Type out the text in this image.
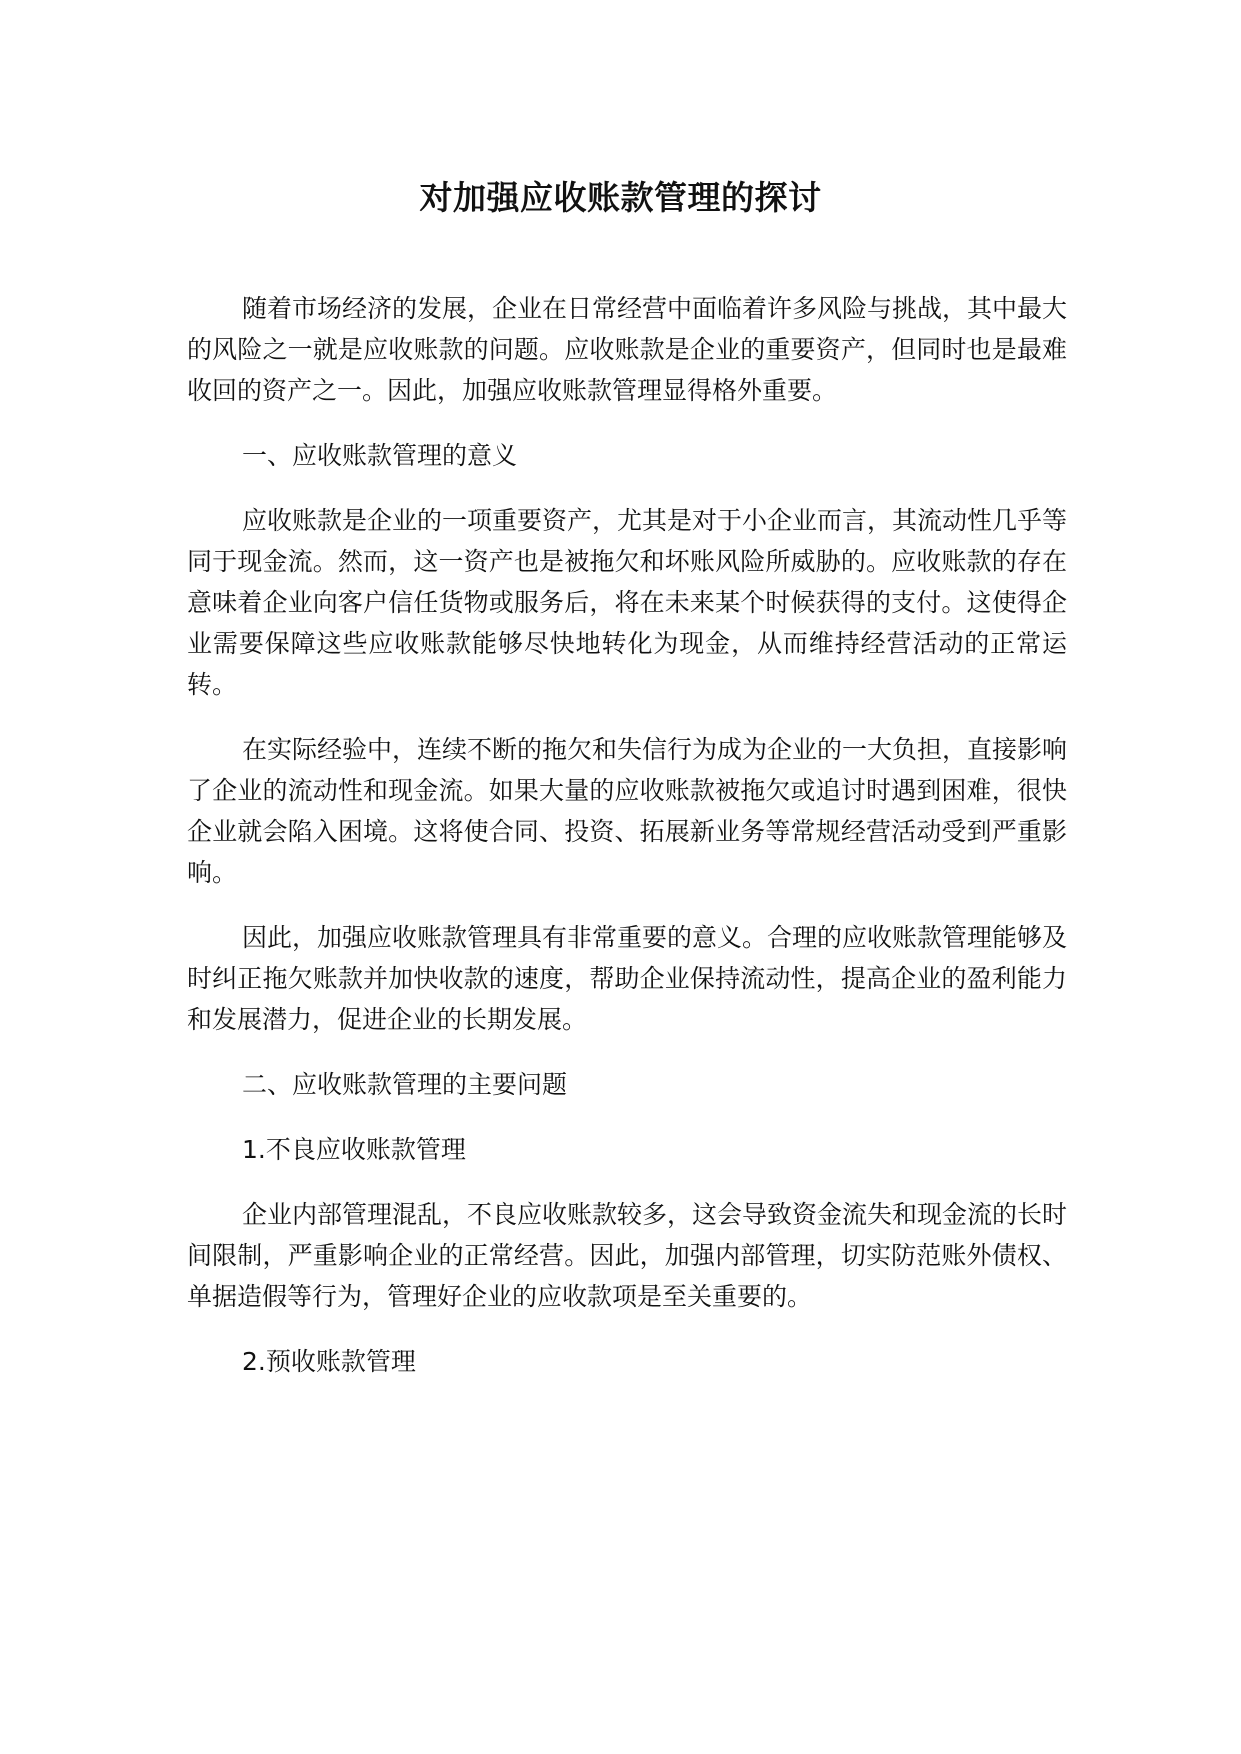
对加强应收账款管理的探讨

随着市场经济的发展，企业在日常经营中面临着许多风险与挑战，其中最大的风险之一就是应收账款的问题。应收账款是企业的重要资产，但同时也是最难收回的资产之一。因此，加强应收账款管理显得格外重要。

一、应收账款管理的意义

应收账款是企业的一项重要资产，尤其是对于小企业而言，其流动性几乎等同于现金流。然而，这一资产也是被拖欠和坏账风险所威胁的。应收账款的存在意味着企业向客户信任货物或服务后，将在未来某个时候获得的支付。这使得企业需要保障这些应收账款能够尽快地转化为现金，从而维持经营活动的正常运转。

在实际经验中，连续不断的拖欠和失信行为成为企业的一大负担，直接影响了企业的流动性和现金流。如果大量的应收账款被拖欠或追讨时遇到困难，很快企业就会陷入困境。这将使合同、投资、拓展新业务等常规经营活动受到严重影响。

因此，加强应收账款管理具有非常重要的意义。合理的应收账款管理能够及时纠正拖欠账款并加快收款的速度，帮助企业保持流动性，提高企业的盈利能力和发展潜力，促进企业的长期发展。

二、应收账款管理的主要问题

1.不良应收账款管理

企业内部管理混乱，不良应收账款较多，这会导致资金流失和现金流的长时间限制，严重影响企业的正常经营。因此，加强内部管理，切实防范账外债权、单据造假等行为，管理好企业的应收款项是至关重要的。

2.预收账款管理
